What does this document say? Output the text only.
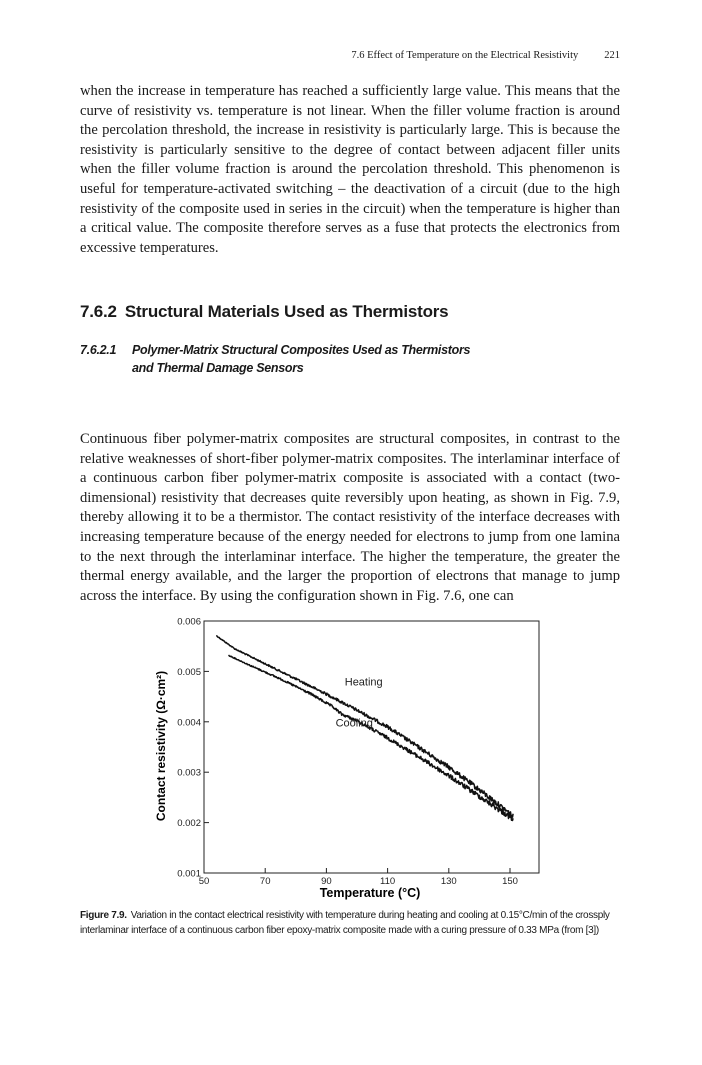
7.6 Effect of Temperature on the Electrical Resistivity 221

when the increase in temperature has reached a sufficiently large value. This means that the curve of resistivity vs. temperature is not linear. When the filler volume fraction is around the percolation threshold, the increase in resistivity is particularly large. This is because the resistivity is particularly sensitive to the degree of contact between adjacent filler units when the filler volume fraction is around the percolation threshold. This phenomenon is useful for temperature-activated switching – the deactivation of a circuit (due to the high resistivity of the composite used in series in the circuit) when the temperature is higher than a critical value. The composite therefore serves as a fuse that protects the electronics from excessive temperatures.

7.6.2 Structural Materials Used as Thermistors
7.6.2.1 Polymer-Matrix Structural Composites Used as Thermistors
and Thermal Damage Sensors

Continuous fiber polymer-matrix composites are structural composites, in contrast to the relative weaknesses of short-fiber polymer-matrix composites. The interlaminar interface of a continuous carbon fiber polymer-matrix composite is associated with a contact (two-dimensional) resistivity that decreases quite reversibly upon heating, as shown in Fig. 7.9, thereby allowing it to be a thermistor. The contact resistivity of the interface decreases with increasing temperature because of the energy needed for electrons to jump from one lamina to the next through the interlaminar interface. The higher the temperature, the greater the thermal energy available, and the larger the proportion of electrons that manage to jump across the interface. By using the configuration shown in Fig. 7.6, one can

50	70	90	110	130	150
0.001
0.002
0.003
0.004
0.005
0.006
Heating
Cooling
Temperature (°C)
Contact resistivity (Ω·cm²)

Figure 7.9. Variation in the contact electrical resistivity with temperature during heating and cooling at 0.15°C/min of the crossply interlaminar interface of a continuous carbon fiber epoxy-matrix composite made with a curing pressure of 0.33 MPa (from [3])
